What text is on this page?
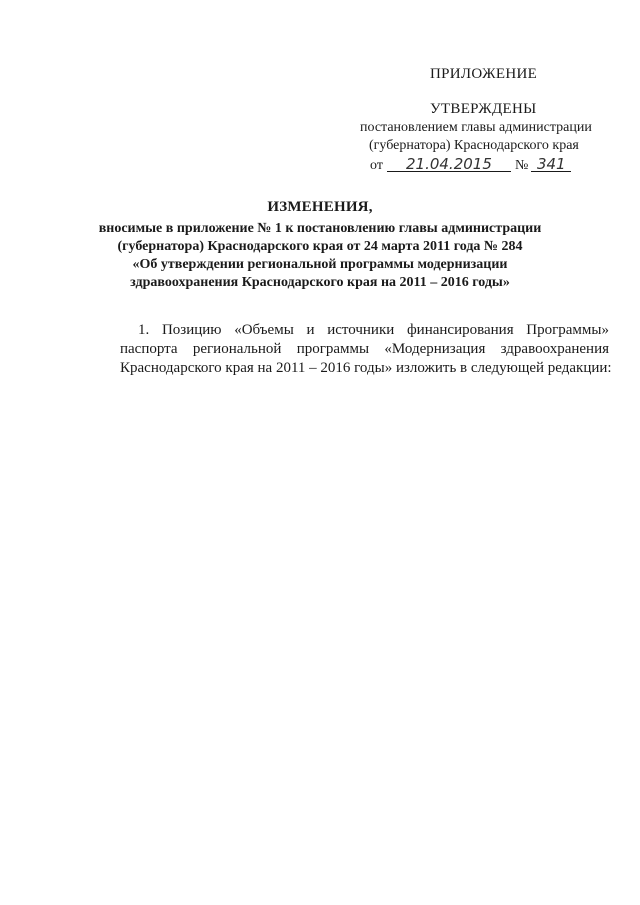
ПРИЛОЖЕНИЕ
УТВЕРЖДЕНЫ
постановлением главы администрации
(губернатора) Краснодарского края
от	21.04.2015	№ 341
ИЗМЕНЕНИЯ,
вносимые в приложение № 1 к постановлению главы администрации
(губернатора) Краснодарского края от 24 марта 2011 года № 284
«Об утверждении региональной программы модернизации
здравоохранения Краснодарского края на 2011 – 2016 годы»
1. Позицию «Объемы и источники финансирования Программы»
паспорта региональной программы «Модернизация здравоохранения
Краснодарского края на 2011 – 2016 годы» изложить в следующей редакции:
